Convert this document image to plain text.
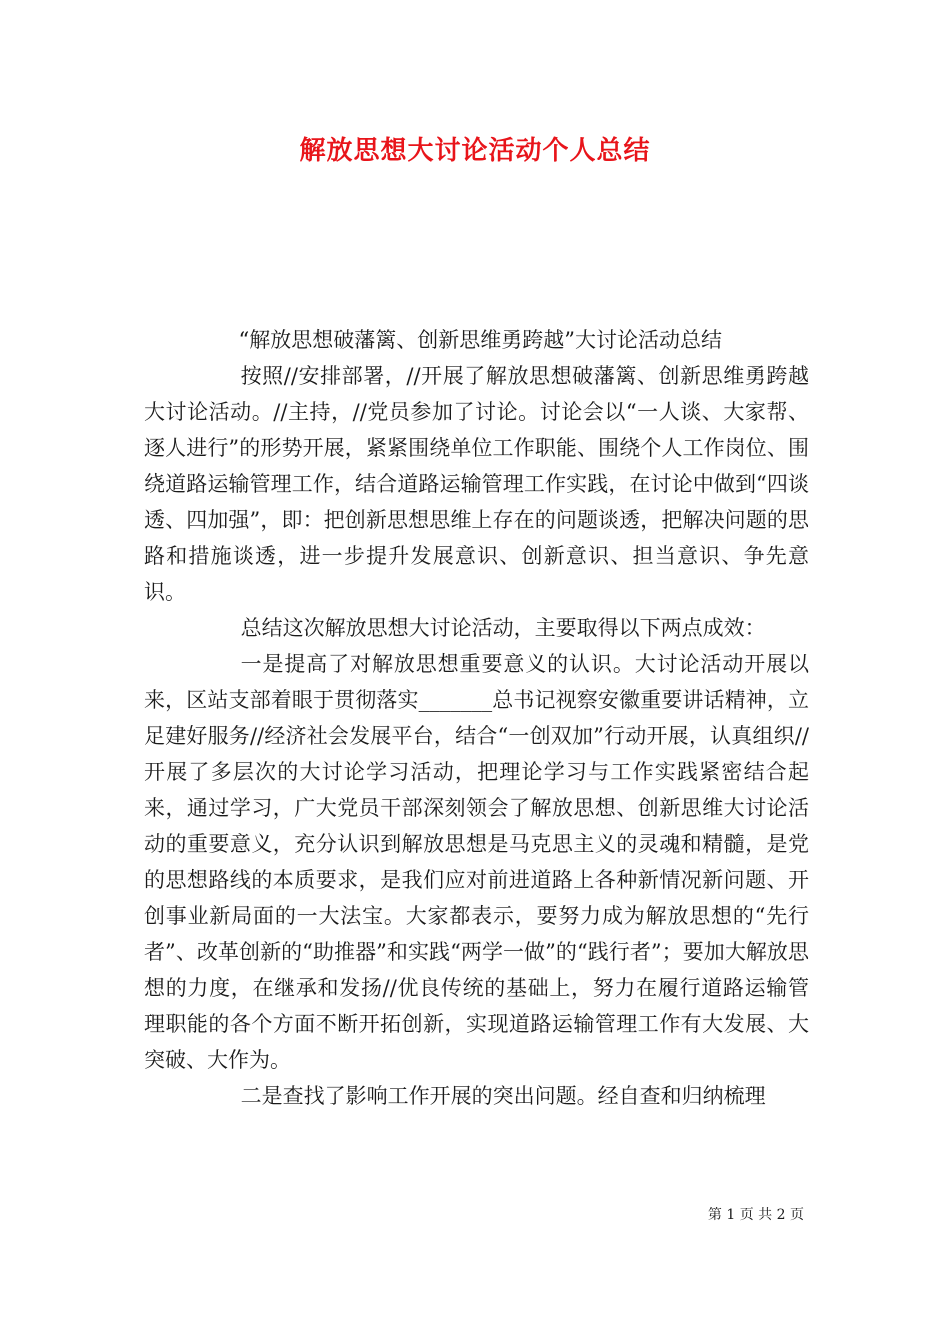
解放思想大讨论活动个人总结

“解放思想破藩篱、创新思维勇跨越”大讨论活动总结

按照//安排部署，//开展了解放思想破藩篱、创新思维勇跨越大讨论活动。//主持，//党员参加了讨论。讨论会以“一人谈、大家帮、逐人进行”的形势开展，紧紧围绕单位工作职能、围绕个人工作岗位、围绕道路运输管理工作，结合道路运输管理工作实践，在讨论中做到“四谈透、四加强”，即：把创新思想思维上存在的问题谈透，把解决问题的思路和措施谈透，进一步提升发展意识、创新意识、担当意识、争先意识。

总结这次解放思想大讨论活动，主要取得以下两点成效：

一是提高了对解放思想重要意义的认识。大讨论活动开展以来，区站支部着眼于贯彻落实_______总书记视察安徽重要讲话精神，立足建好服务//经济社会发展平台，结合“一创双加”行动开展，认真组织//开展了多层次的大讨论学习活动，把理论学习与工作实践紧密结合起来，通过学习，广大党员干部深刻领会了解放思想、创新思维大讨论活动的重要意义，充分认识到解放思想是马克思主义的灵魂和精髓，是党的思想路线的本质要求，是我们应对前进道路上各种新情况新问题、开创事业新局面的一大法宝。大家都表示，要努力成为解放思想的“先行者”、改革创新的“助推器”和实践“两学一做”的“践行者”；要加大解放思想的力度，在继承和发扬//优良传统的基础上，努力在履行道路运输管理职能的各个方面不断开拓创新，实现道路运输管理工作有大发展、大突破、大作为。

二是查找了影响工作开展的突出问题。经自查和归纳梳理

第 1 页 共 2 页
